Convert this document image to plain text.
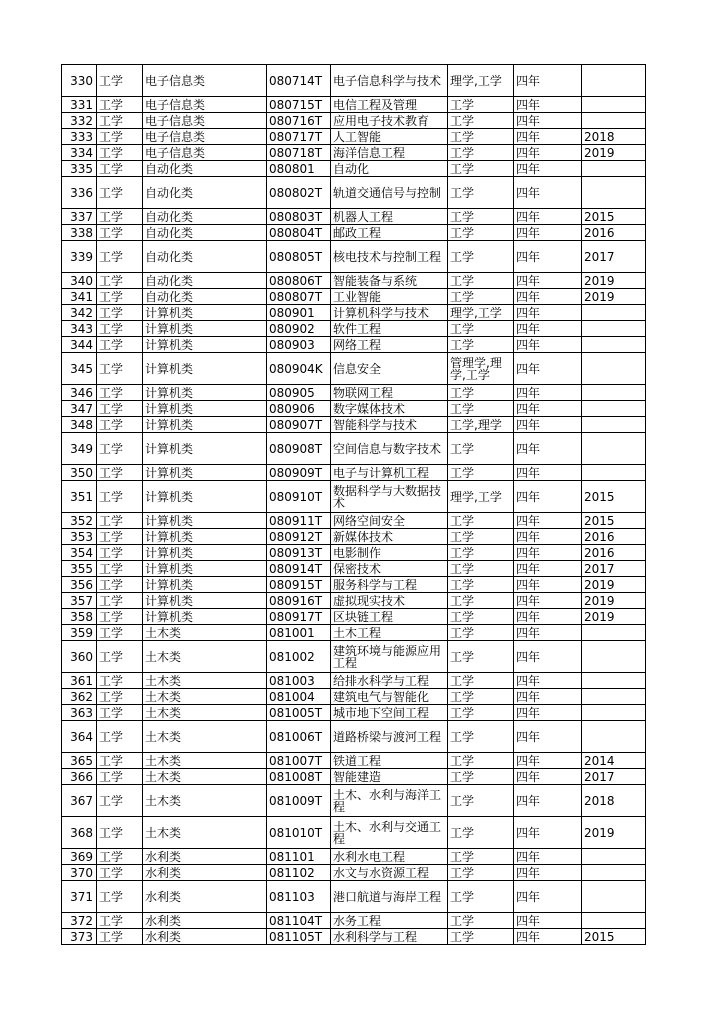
330	工学	电子信息类	080714T	电子信息科学与技术	理学,工学	四年	
331	工学	电子信息类	080715T	电信工程及管理	工学	四年	
332	工学	电子信息类	080716T	应用电子技术教育	工学	四年	
333	工学	电子信息类	080717T	人工智能	工学	四年	2018
334	工学	电子信息类	080718T	海洋信息工程	工学	四年	2019
335	工学	自动化类	080801	自动化	工学	四年	
336	工学	自动化类	080802T	轨道交通信号与控制	工学	四年	
337	工学	自动化类	080803T	机器人工程	工学	四年	2015
338	工学	自动化类	080804T	邮政工程	工学	四年	2016
339	工学	自动化类	080805T	核电技术与控制工程	工学	四年	2017
340	工学	自动化类	080806T	智能装备与系统	工学	四年	2019
341	工学	自动化类	080807T	工业智能	工学	四年	2019
342	工学	计算机类	080901	计算机科学与技术	理学,工学	四年	
343	工学	计算机类	080902	软件工程	工学	四年	
344	工学	计算机类	080903	网络工程	工学	四年	
345	工学	计算机类	080904K	信息安全	管理学,理学,工学	四年	
346	工学	计算机类	080905	物联网工程	工学	四年	
347	工学	计算机类	080906	数字媒体技术	工学	四年	
348	工学	计算机类	080907T	智能科学与技术	工学,理学	四年	
349	工学	计算机类	080908T	空间信息与数字技术	工学	四年	
350	工学	计算机类	080909T	电子与计算机工程	工学	四年	
351	工学	计算机类	080910T	数据科学与大数据技术	理学,工学	四年	2015
352	工学	计算机类	080911T	网络空间安全	工学	四年	2015
353	工学	计算机类	080912T	新媒体技术	工学	四年	2016
354	工学	计算机类	080913T	电影制作	工学	四年	2016
355	工学	计算机类	080914T	保密技术	工学	四年	2017
356	工学	计算机类	080915T	服务科学与工程	工学	四年	2019
357	工学	计算机类	080916T	虚拟现实技术	工学	四年	2019
358	工学	计算机类	080917T	区块链工程	工学	四年	2019
359	工学	土木类	081001	土木工程	工学	四年	
360	工学	土木类	081002	建筑环境与能源应用工程	工学	四年	
361	工学	土木类	081003	给排水科学与工程	工学	四年	
362	工学	土木类	081004	建筑电气与智能化	工学	四年	
363	工学	土木类	081005T	城市地下空间工程	工学	四年	
364	工学	土木类	081006T	道路桥梁与渡河工程	工学	四年	
365	工学	土木类	081007T	铁道工程	工学	四年	2014
366	工学	土木类	081008T	智能建造	工学	四年	2017
367	工学	土木类	081009T	土木、水利与海洋工程	工学	四年	2018
368	工学	土木类	081010T	土木、水利与交通工程	工学	四年	2019
369	工学	水利类	081101	水利水电工程	工学	四年	
370	工学	水利类	081102	水文与水资源工程	工学	四年	
371	工学	水利类	081103	港口航道与海岸工程	工学	四年	
372	工学	水利类	081104T	水务工程	工学	四年	
373	工学	水利类	081105T	水利科学与工程	工学	四年	2015
